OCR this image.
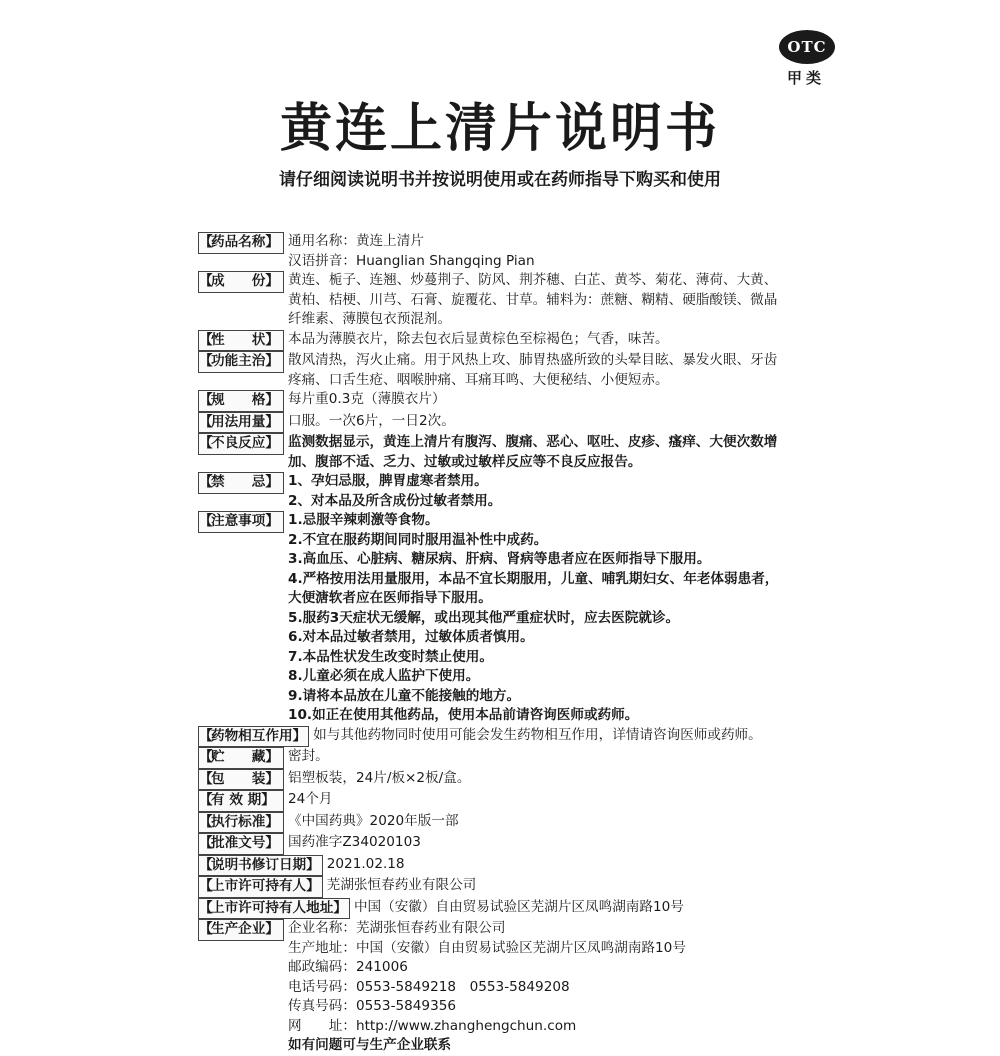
OTC
甲类
黄连上清片说明书
请仔细阅读说明书并按说明使用或在药师指导下购买和使用
【 药品名称】 通用名称：黄连上清片
汉语拼音：Huanglian Shangqing Pian
【 成　　份】 黄连、栀子、连翘、炒蔓荆子、防风、荆芥穗、白芷、黄芩、菊花、薄荷、大黄、
黄柏、桔梗、川芎、石膏、旋覆花、甘草。辅料为：蔗糖、糊精、硬脂酸镁、微晶
纤维素、薄膜包衣预混剂。
【 性　　状】 本品为薄膜衣片，除去包衣后显黄棕色至棕褐色；气香，味苦。
【 功能主治】 散风清热，泻火止痛。用于风热上攻、肺胃热盛所致的头晕目眩、暴发火眼、牙齿
疼痛、口舌生疮、咽喉肿痛、耳痛耳鸣、大便秘结、小便短赤。
【 规　　格】 每片重0.3克（薄膜衣片）
【 用法用量】 口服。一次6片，一日2次。
【 不良反应】 监测数据显示，黄连上清片有腹泻、腹痛、恶心、呕吐、皮疹、瘙痒、大便次数增
加、腹部不适、乏力、过敏或过敏样反应等不良反应报告。
【 禁　　忌】 1、孕妇忌服，脾胃虚寒者禁用。
2、对本品及所含成份过敏者禁用。
【 注意事项】 1.忌服辛辣刺激等食物。
2.不宜在服药期间同时服用温补性中成药。
3.高血压、心脏病、糖尿病、肝病、肾病等患者应在医师指导下服用。
4.严格按用法用量服用，本品不宜长期服用，儿童、哺乳期妇女、年老体弱患者，
大便溏软者应在医师指导下服用。
5.服药3天症状无缓解，或出现其他严重症状时，应去医院就诊。
6.对本品过敏者禁用，过敏体质者慎用。
7.本品性状发生改变时禁止使用。
8.儿童必须在成人监护下使用。
9.请将本品放在儿童不能接触的地方。
10.如正在使用其他药品，使用本品前请咨询医师或药师。
【 药物相互作用】 如与其他药物同时使用可能会发生药物相互作用，详情请咨询医师或药师。
【 贮　　藏】 密封。
【 包　　装】 铝塑板装，24片/板×2板/盒。
【 有 效 期】 24个月
【 执行标准】 《中国药典》2020年版一部
【 批准文号】 国药准字Z34020103
【 说明书修订日期】 2021.02.18
【 上市许可持有人】 芜湖张恒春药业有限公司
【 上市许可持有人地址】 中国（安徽）自由贸易试验区芜湖片区凤鸣湖南路10号
【 生产企业】 企业名称：芜湖张恒春药业有限公司
生产地址：中国（安徽）自由贸易试验区芜湖片区凤鸣湖南路10号
邮政编码：241006
电话号码：0553-5849218　0553-5849208
传真号码：0553-5849356
网　　址：http://www.zhanghengchun.com
如有问题可与生产企业联系
